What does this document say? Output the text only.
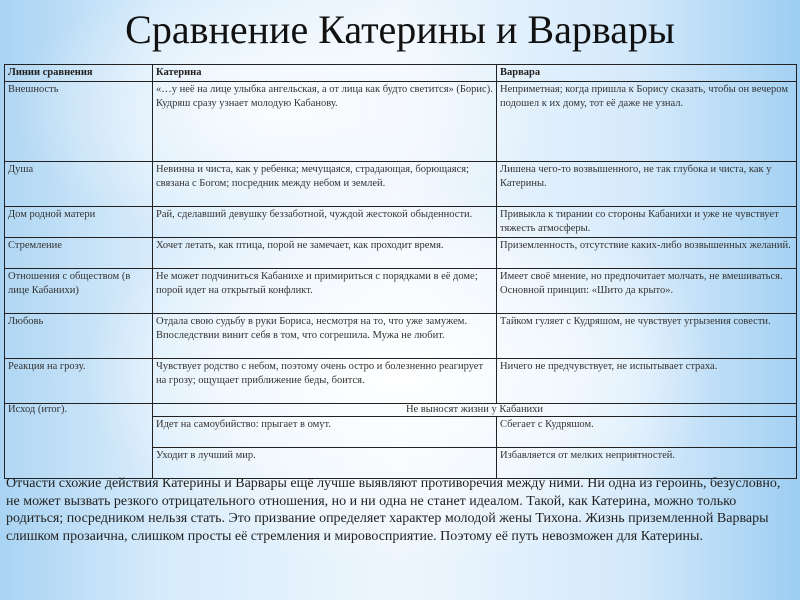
Сравнение Катерины и Варвары
Линии сравнения	Катерина	Варвара
Внешность	«…у неё на лице улыбка ангельская, а от лица как будто светится» (Борис). Кудряш сразу узнает молодую Кабанову.	Неприметная; когда пришла к Борису сказать, чтобы он вечером подошел к их дому, тот её даже не узнал.
Душа	Невинна и чиста, как у ребенка; мечущаяся, страдающая, борющаяся; связана с Богом; посредник между небом и землей.	Лишена чего-то возвышенного, не так глубока и чиста, как у Катерины.
Дом родной матери	Рай, сделавший девушку беззаботной, чуждой жестокой обыденности.	Привыкла к тирании со стороны Кабанихи и уже не чувствует тяжесть атмосферы.
Стремление	Хочет летать, как птица, порой не замечает, как проходит время.	Приземленность, отсутствие каких-либо возвышенных желаний.
Отношения с обществом (в лице Кабанихи)	Не может подчиниться Кабанихе и примириться с порядками в её доме; порой идет на открытый конфликт.	Имеет своё мнение, но предпочитает молчать, не вмешиваться. Основной принцип: «Шито да крыто».
Любовь	Отдала свою судьбу в руки Бориса, несмотря на то, что уже замужем. Впоследствии винит себя в том, что согрешила. Мужа не любит.	Тайком гуляет с Кудряшом, не чувствует угрызения совести.
Реакция на грозу.	Чувствует родство с небом, поэтому очень остро и болезненно реагирует на грозу; ощущает приближение беды, боится.	Ничего не предчувствует, не испытывает страха.
Исход (итог).	Не выносят жизни у Кабанихи	
	Идет на самоубийство: прыгает в омут.	Сбегает с Кудряшом.
	Уходит в лучший мир.	Избавляется от мелких неприятностей.
Отчасти схожие действия Катерины и Варвары ещё лучше выявляют противоречия между ними. Ни одна из героинь, безусловно, не может вызвать резкого отрицательного отношения, но и ни одна не станет идеалом. Такой, как Катерина, можно только родиться; посредником нельзя стать. Это призвание определяет характер молодой жены Тихона. Жизнь приземленной Варвары слишком прозаична, слишком просты её стремления и мировосприятие. Поэтому её путь невозможен для Катерины.
